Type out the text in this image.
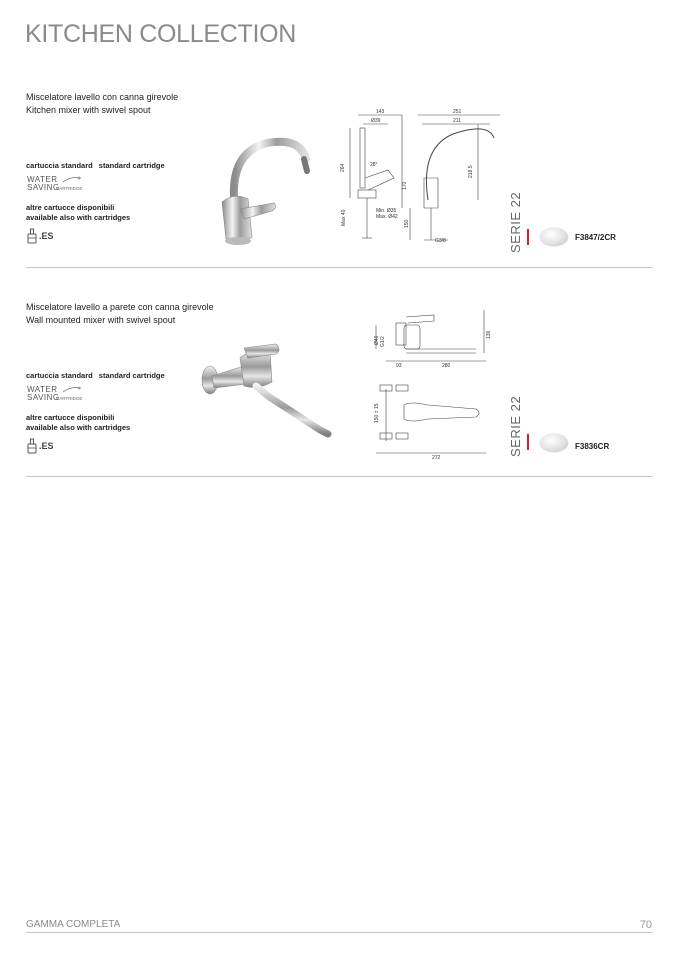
KITCHEN COLLECTION
Miscelatore lavello con canna girevole
Kitchen mixer with swivel spout
cartuccia standard standard cartridge
WATER
SAVING
CARTRIDGE
altre cartucce disponibili
available also with cartridges
.ES
143
Ø39
251
211
264	28°
218.5
Max 40	Min. Ø35
Max. Ø42
150
G3/8
170
SERIE 22	F3847/2CR
Miscelatore lavello a parete con canna girevole
Wall mounted mixer with swivel spout
cartuccia standard standard cartridge
WATER
SAVING
CARTRIDGE
altre cartucce disponibili
available also with cartridges
.ES
Ø46 G1/2
136
93	280
150 ± 15
272
SERIE 22	F3836CR
GAMMA COMPLETA	70
